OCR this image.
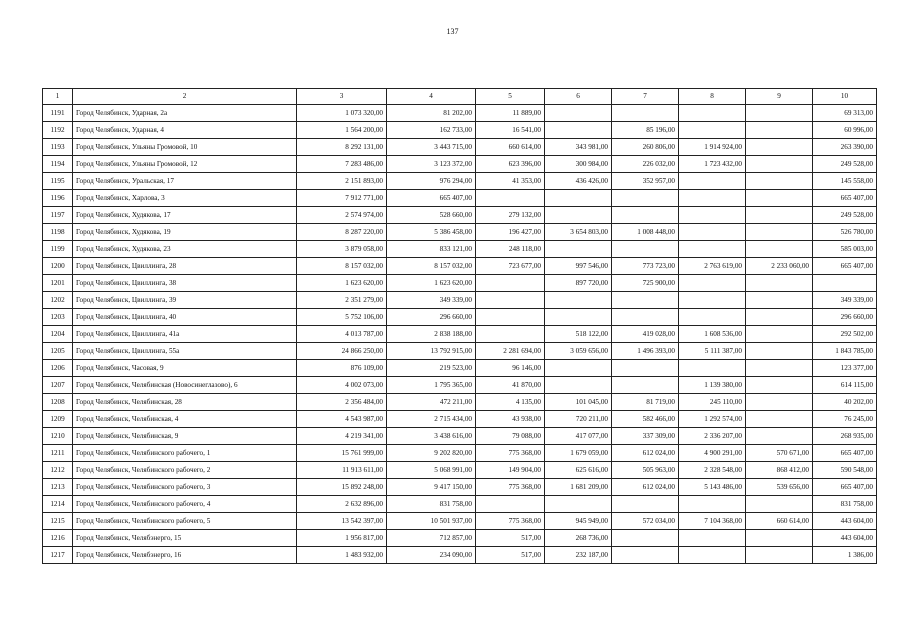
137
1	2	3	4	5	6	7	8	9	10
1191	Город Челябинск, Ударная, 2а	1 073 320,00	81 202,00	11 889,00					69 313,00
1192	Город Челябинск, Ударная, 4	1 564 200,00	162 733,00	16 541,00		85 196,00			60 996,00
1193	Город Челябинск, Ульяны Громовой, 10	8 292 131,00	3 443 715,00	660 614,00	343 981,00	260 806,00	1 914 924,00		263 390,00
1194	Город Челябинск, Ульяны Громовой, 12	7 283 486,00	3 123 372,00	623 396,00	300 984,00	226 032,00	1 723 432,00		249 528,00
1195	Город Челябинск, Уральская, 17	2 151 893,00	976 294,00	41 353,00	436 426,00	352 957,00			145 558,00
1196	Город Челябинск, Харлова, 3	7 912 771,00	665 407,00						665 407,00
1197	Город Челябинск, Худякова, 17	2 574 974,00	528 660,00	279 132,00					249 528,00
1198	Город Челябинск, Худякова, 19	8 287 220,00	5 386 458,00	196 427,00	3 654 803,00	1 008 448,00			526 780,00
1199	Город Челябинск, Худякова, 23	3 879 058,00	833 121,00	248 118,00					585 003,00
1200	Город Челябинск, Цвиллинга, 28	8 157 032,00	8 157 032,00	723 677,00	997 546,00	773 723,00	2 763 619,00	2 233 060,00	665 407,00
1201	Город Челябинск, Цвиллинга, 38	1 623 620,00	1 623 620,00		897 720,00	725 900,00			
1202	Город Челябинск, Цвиллинга, 39	2 351 279,00	349 339,00						349 339,00
1203	Город Челябинск, Цвиллинга, 40	5 752 106,00	296 660,00						296 660,00
1204	Город Челябинск, Цвиллинга, 41а	4 013 787,00	2 838 188,00		518 122,00	419 028,00	1 608 536,00		292 502,00
1205	Город Челябинск, Цвиллинга, 55а	24 866 250,00	13 792 915,00	2 281 694,00	3 059 656,00	1 496 393,00	5 111 387,00		1 843 785,00
1206	Город Челябинск, Часовая, 9	876 109,00	219 523,00	96 146,00					123 377,00
1207	Город Челябинск, Челябинская (Новосинеглазово), 6	4 002 073,00	1 795 365,00	41 870,00			1 139 380,00		614 115,00
1208	Город Челябинск, Челябинская, 28	2 356 484,00	472 211,00	4 135,00	101 045,00	81 719,00	245 110,00		40 202,00
1209	Город Челябинск, Челябинская, 4	4 543 987,00	2 715 434,00	43 938,00	720 211,00	582 466,00	1 292 574,00		76 245,00
1210	Город Челябинск, Челябинская, 9	4 219 341,00	3 438 616,00	79 088,00	417 077,00	337 309,00	2 336 207,00		268 935,00
1211	Город Челябинск, Челябинского рабочего, 1	15 761 999,00	9 202 820,00	775 368,00	1 679 059,00	612 024,00	4 900 291,00	570 671,00	665 407,00
1212	Город Челябинск, Челябинского рабочего, 2	11 913 611,00	5 068 991,00	149 904,00	625 616,00	505 963,00	2 328 548,00	868 412,00	590 548,00
1213	Город Челябинск, Челябинского рабочего, 3	15 892 248,00	9 417 150,00	775 368,00	1 681 209,00	612 024,00	5 143 486,00	539 656,00	665 407,00
1214	Город Челябинск, Челябинского рабочего, 4	2 632 896,00	831 758,00						831 758,00
1215	Город Челябинск, Челябинского рабочего, 5	13 542 397,00	10 501 937,00	775 368,00	945 949,00	572 034,00	7 104 368,00	660 614,00	443 604,00
1216	Город Челябинск, Челябэнерго, 15	1 956 817,00	712 857,00	517,00	268 736,00				443 604,00
1217	Город Челябинск, Челябэнерго, 16	1 483 932,00	234 090,00	517,00	232 187,00				1 386,00
